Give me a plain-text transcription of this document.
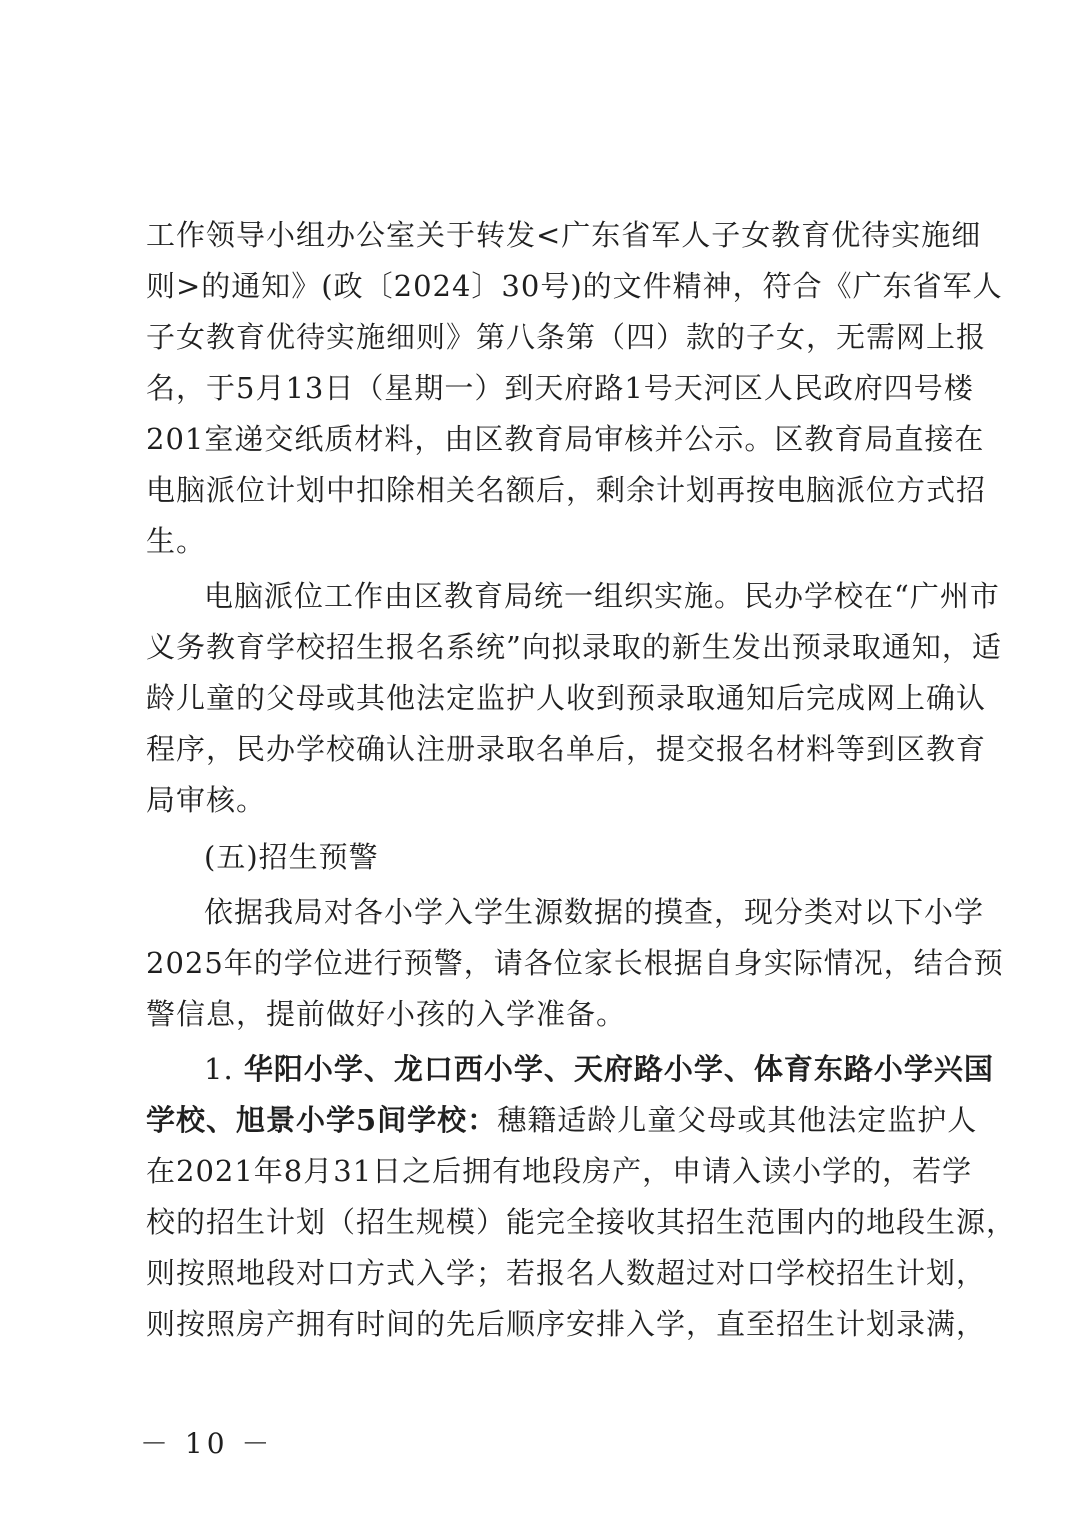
工作领导小组办公室关于转发<广东省军人子女教育优待实施细
则>的通知》(政〔2024〕30号)的文件精神，符合《广东省军人
子女教育优待实施细则》第八条第（四）款的子女，无需网上报
名，于5月13日（星期一）到天府路1号天河区人民政府四号楼
201室递交纸质材料，由区教育局审核并公示。区教育局直接在
电脑派位计划中扣除相关名额后，剩余计划再按电脑派位方式招
生。
电脑派位工作由区教育局统一组织实施。民办学校在“广州市
义务教育学校招生报名系统”向拟录取的新生发出预录取通知，适
龄儿童的父母或其他法定监护人收到预录取通知后完成网上确认
程序，民办学校确认注册录取名单后，提交报名材料等到区教育
局审核。
(五)招生预警
依据我局对各小学入学生源数据的摸查，现分类对以下小学
2025年的学位进行预警，请各位家长根据自身实际情况，结合预
警信息，提前做好小孩的入学准备。
1. 华阳小学、龙口西小学、天府路小学、体育东路小学兴国
学校、旭景小学5间学校：穗籍适龄儿童父母或其他法定监护人
在2021年8月31日之后拥有地段房产，申请入读小学的，若学
校的招生计划（招生规模）能完全接收其招生范围内的地段生源，
则按照地段对口方式入学；若报名人数超过对口学校招生计划，
则按照房产拥有时间的先后顺序安排入学，直至招生计划录满，
－ 10 －
